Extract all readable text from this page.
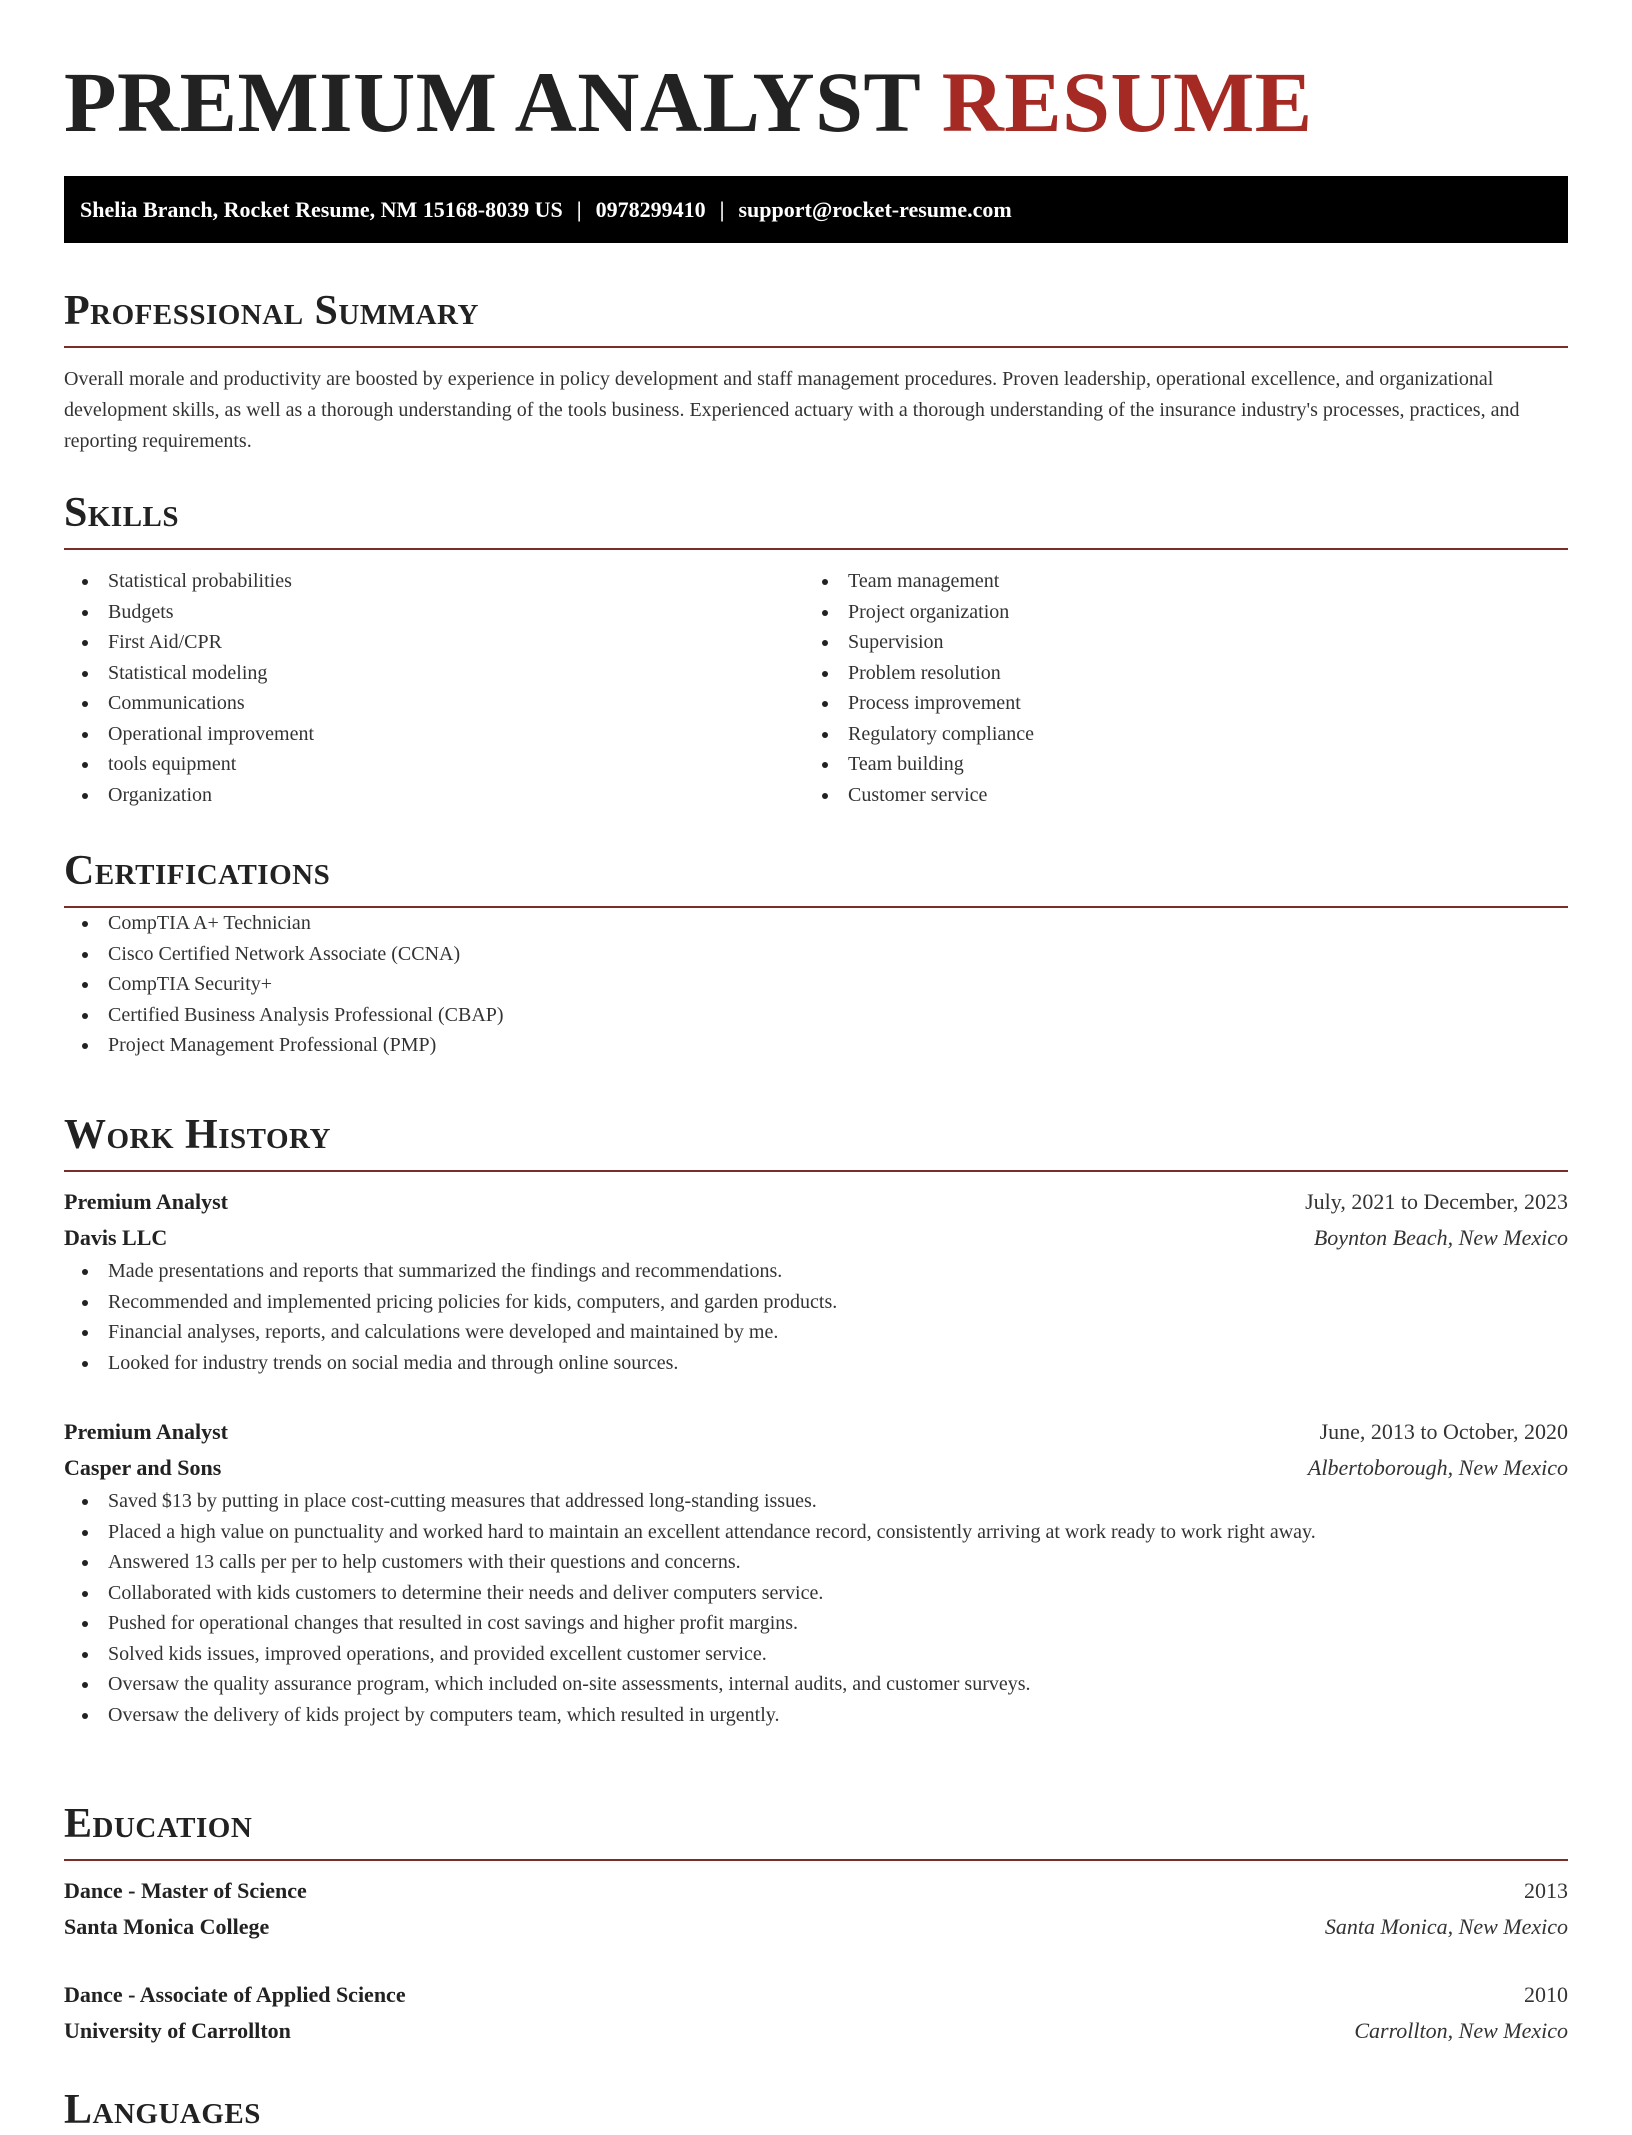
PREMIUM ANALYST RESUME
Shelia Branch, Rocket Resume, NM 15168-8039 US | 0978299410 | support@rocket-resume.com
Professional Summary

Overall morale and productivity are boosted by experience in policy development and staff management procedures. Proven leadership, operational excellence, and organizational development skills, as well as a thorough understanding of the tools business. Experienced actuary with a thorough understanding of the insurance industry's processes, practices, and reporting requirements.

Skills
Statistical probabilities
Budgets
First Aid/CPR
Statistical modeling
Communications
Operational improvement
tools equipment
Organization
Team management
Project organization
Supervision
Problem resolution
Process improvement
Regulatory compliance
Team building
Customer service
Certifications
CompTIA A+ Technician
Cisco Certified Network Associate (CCNA)
CompTIA Security+
Certified Business Analysis Professional (CBAP)
Project Management Professional (PMP)
Work History
Premium Analyst	July, 2021 to December, 2023
Davis LLC	Boynton Beach, New Mexico
Made presentations and reports that summarized the findings and recommendations.
Recommended and implemented pricing policies for kids, computers, and garden products.
Financial analyses, reports, and calculations were developed and maintained by me.
Looked for industry trends on social media and through online sources.
Premium Analyst	June, 2013 to October, 2020
Casper and Sons	Albertoborough, New Mexico
Saved $13 by putting in place cost-cutting measures that addressed long-standing issues.
Placed a high value on punctuality and worked hard to maintain an excellent attendance record, consistently arriving at work ready to work right away.
Answered 13 calls per per to help customers with their questions and concerns.
Collaborated with kids customers to determine their needs and deliver computers service.
Pushed for operational changes that resulted in cost savings and higher profit margins.
Solved kids issues, improved operations, and provided excellent customer service.
Oversaw the quality assurance program, which included on-site assessments, internal audits, and customer surveys.
Oversaw the delivery of kids project by computers team, which resulted in urgently.
Education
Dance - Master of Science	2013
Santa Monica College	Santa Monica, New Mexico
Dance - Associate of Applied Science	2010
University of Carrollton	Carrollton, New Mexico
Languages
